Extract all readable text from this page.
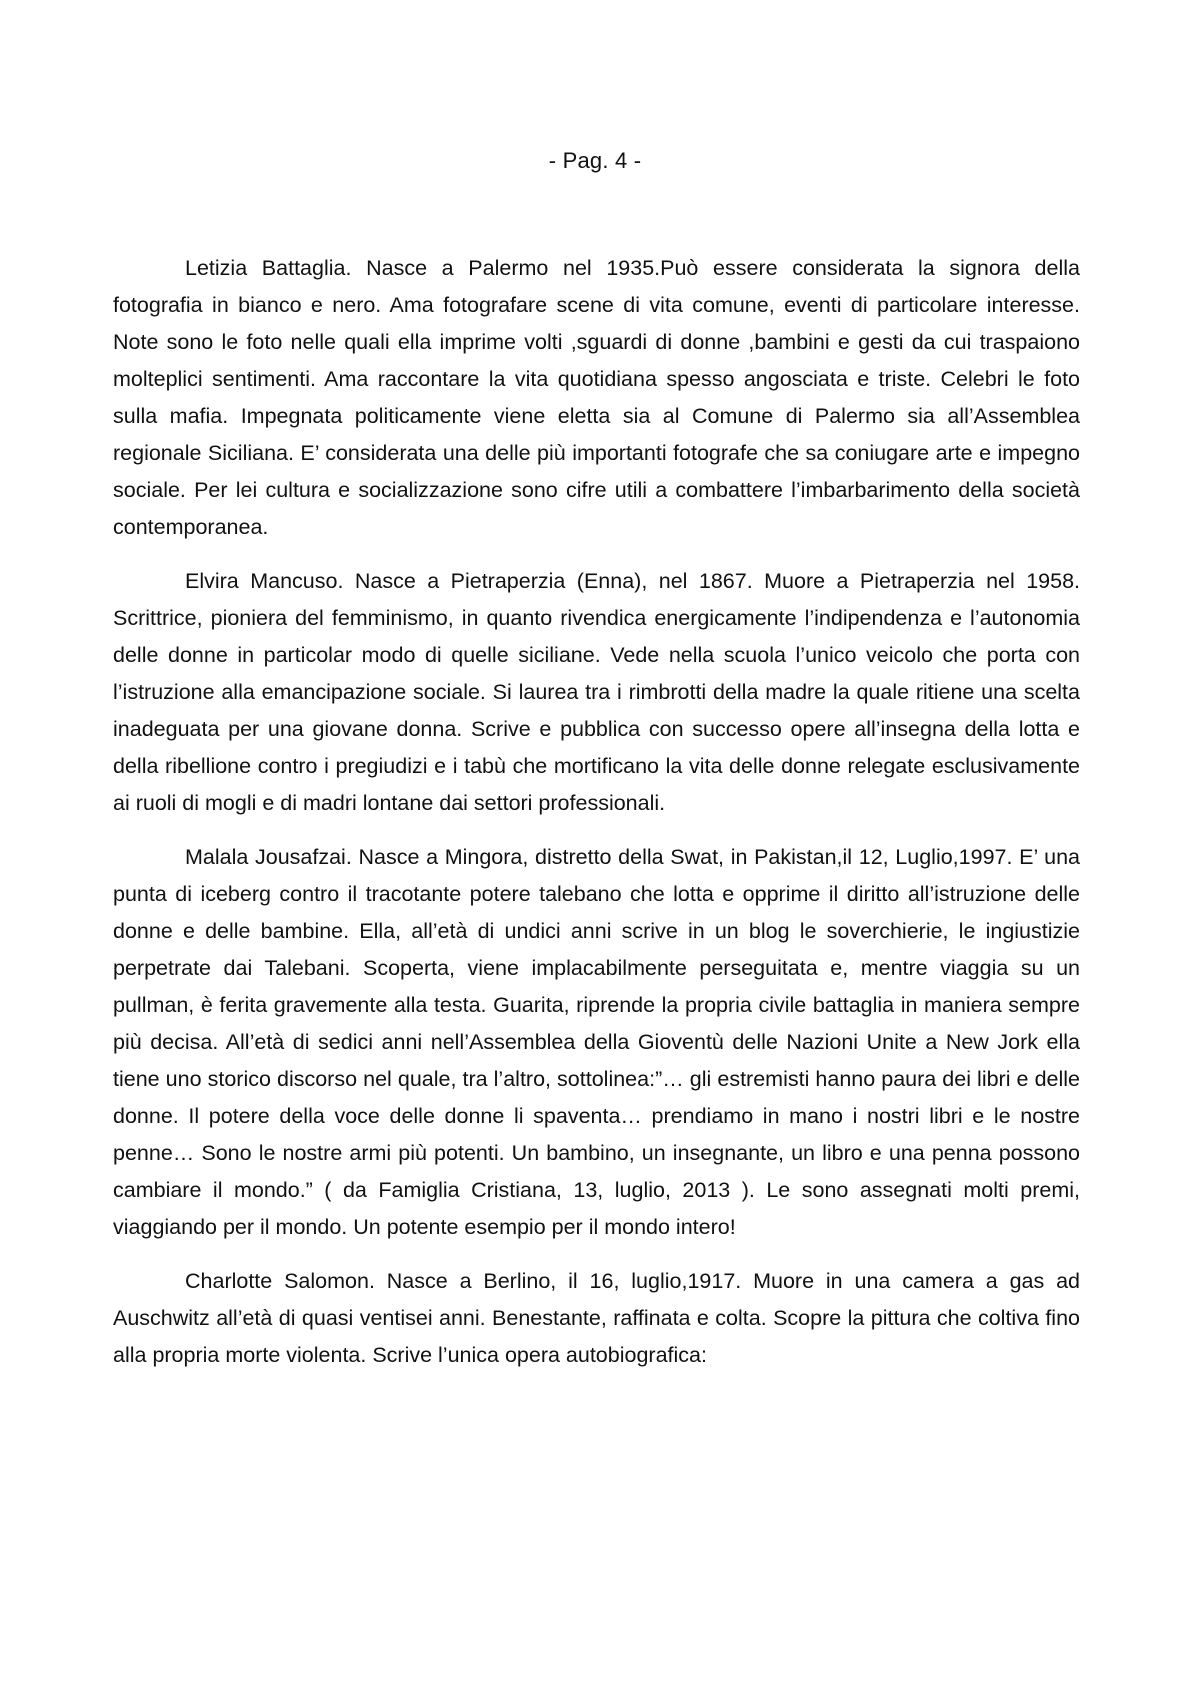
- Pag. 4 -

Letizia Battaglia. Nasce a Palermo nel 1935.Può essere considerata la signora della fotografia in bianco e nero. Ama fotografare scene di vita comune, eventi di particolare interesse. Note sono le foto nelle quali ella imprime volti ,sguardi di donne ,bambini e gesti da cui traspaiono molteplici sentimenti. Ama raccontare la vita quotidiana spesso angosciata e triste. Celebri le foto sulla mafia. Impegnata politicamente viene eletta sia al Comune di Palermo sia all’Assemblea regionale Siciliana. E’ considerata una delle più importanti fotografe che sa coniugare arte e impegno sociale. Per lei cultura e socializzazione sono cifre utili a combattere l’imbarbarimento della società contemporanea.

Elvira Mancuso. Nasce a Pietraperzia (Enna), nel 1867. Muore a Pietraperzia nel 1958. Scrittrice, pioniera del femminismo, in quanto rivendica energicamente l’indipendenza e l’autonomia delle donne in particolar modo di quelle siciliane. Vede nella scuola l’unico veicolo che porta con l’istruzione alla emancipazione sociale. Si laurea tra i rimbrotti della madre la quale ritiene una scelta inadeguata per una giovane donna. Scrive e pubblica con successo opere all’insegna della lotta e della ribellione contro i pregiudizi e i tabù che mortificano la vita delle donne relegate esclusivamente ai ruoli di mogli e di madri lontane dai settori professionali.

Malala Jousafzai. Nasce a Mingora, distretto della Swat, in Pakistan,il 12, Luglio,1997. E’ una punta di iceberg contro il tracotante potere talebano che lotta e opprime il diritto all’istruzione delle donne e delle bambine. Ella, all’età di undici anni scrive in un blog le soverchierie, le ingiustizie perpetrate dai Talebani. Scoperta, viene implacabilmente perseguitata e, mentre viaggia su un pullman, è ferita gravemente alla testa. Guarita, riprende la propria civile battaglia in maniera sempre più decisa. All’età di sedici anni nell’Assemblea della Gioventù delle Nazioni Unite a New Jork ella tiene uno storico discorso nel quale, tra l’altro, sottolinea:”… gli estremisti hanno paura dei libri e delle donne. Il potere della voce delle donne li spaventa… prendiamo in mano i nostri libri e le nostre penne… Sono le nostre armi più potenti. Un bambino, un insegnante, un libro e una penna possono cambiare il mondo.” ( da Famiglia Cristiana, 13, luglio, 2013 ). Le sono assegnati molti premi, viaggiando per il mondo. Un potente esempio per il mondo intero!

Charlotte Salomon. Nasce a Berlino, il 16, luglio,1917. Muore in una camera a gas ad Auschwitz all’età di quasi ventisei anni. Benestante, raffinata e colta. Scopre la pittura che coltiva fino alla propria morte violenta. Scrive l’unica opera autobiografica:
